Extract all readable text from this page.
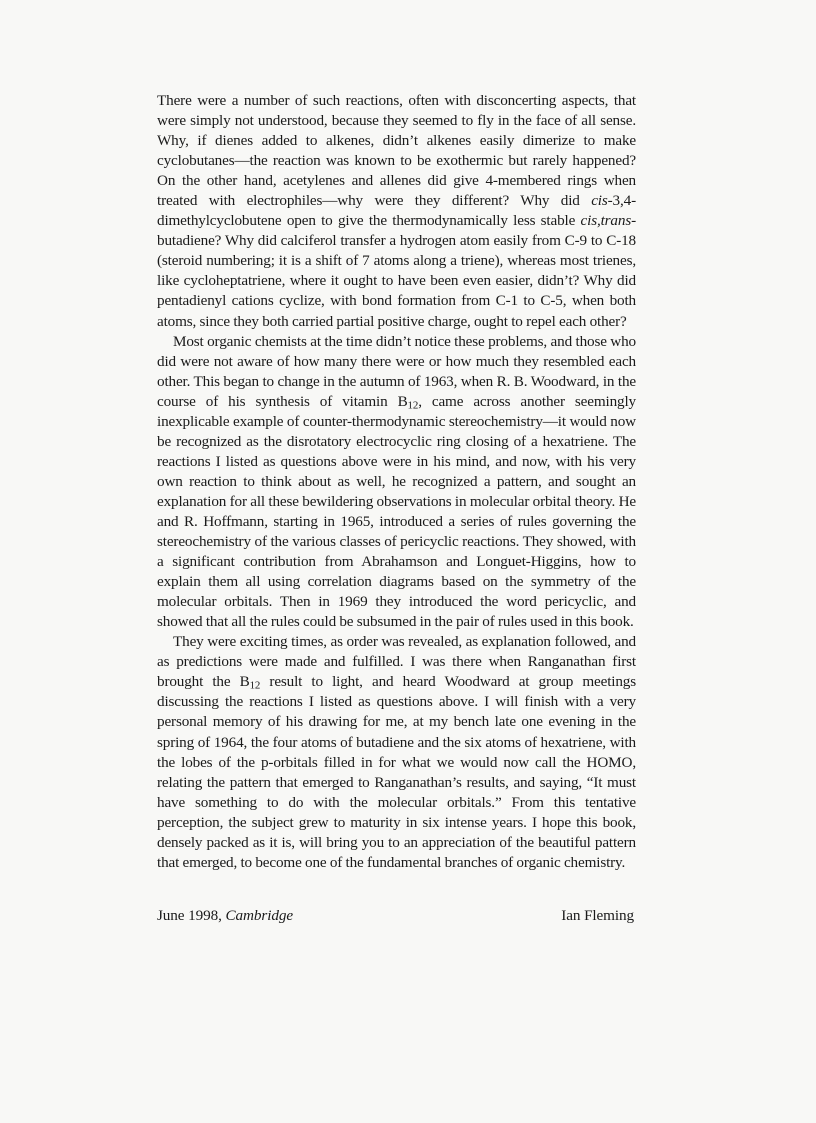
There were a number of such reactions, often with disconcerting aspects, that were simply not understood, because they seemed to fly in the face of all sense. Why, if dienes added to alkenes, didn’t alkenes easily dimerize to make cyclobutanes—the reaction was known to be exothermic but rarely happened? On the other hand, acetylenes and allenes did give 4-membered rings when treated with electrophiles—why were they different? Why did cis-3,4-dimethylcyclobutene open to give the thermodynamically less stable cis,trans-butadiene? Why did calciferol transfer a hydrogen atom easily from C-9 to C-18 (steroid numbering; it is a shift of 7 atoms along a triene), whereas most trienes, like cycloheptatriene, where it ought to have been even easier, didn’t? Why did pentadienyl cations cyclize, with bond formation from C-1 to C-5, when both atoms, since they both carried partial positive charge, ought to repel each other?

Most organic chemists at the time didn’t notice these problems, and those who did were not aware of how many there were or how much they resembled each other. This began to change in the autumn of 1963, when R. B. Woodward, in the course of his synthesis of vitamin $B_{12}$, came across another seemingly inexplicable example of counter-thermodynamic stereochemistry—it would now be recognized as the disrotatory electrocyclic ring closing of a hexatriene. The reactions I listed as questions above were in his mind, and now, with his very own reaction to think about as well, he recognized a pattern, and sought an explanation for all these bewildering observations in molecular orbital theory. He and R. Hoffmann, starting in 1965, introduced a series of rules governing the stereochemistry of the various classes of pericyclic reactions. They showed, with a significant contribution from Abrahamson and Longuet-Higgins, how to explain them all using correlation diagrams based on the symmetry of the molecular orbitals. Then in 1969 they introduced the word pericyclic, and showed that all the rules could be subsumed in the pair of rules used in this book.

They were exciting times, as order was revealed, as explanation followed, and as predictions were made and fulfilled. I was there when Ranganathan first brought the $B_{12}$ result to light, and heard Woodward at group meetings discussing the reactions I listed as questions above. I will finish with a very personal memory of his drawing for me, at my bench late one evening in the spring of 1964, the four atoms of butadiene and the six atoms of hexatriene, with the lobes of the p-orbitals filled in for what we would now call the HOMO, relating the pattern that emerged to Ranganathan’s results, and saying, “It must have something to do with the molecular orbitals.” From this tentative perception, the subject grew to maturity in six intense years. I hope this book, densely packed as it is, will bring you to an appreciation of the beautiful pattern that emerged, to become one of the fundamental branches of organic chemistry.

June 1998, Cambridge	Ian Fleming
